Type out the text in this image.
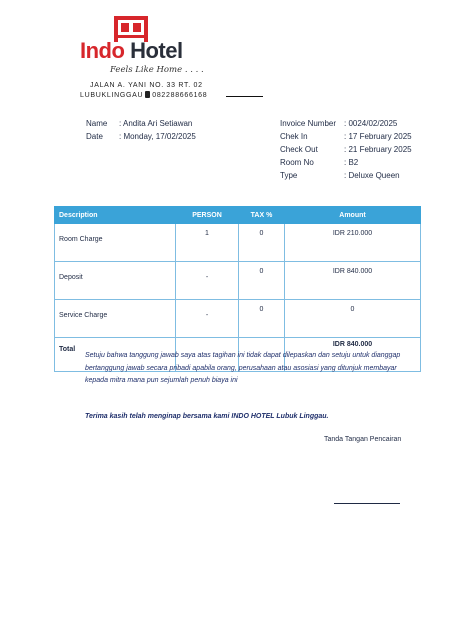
Indo Hotel
Feels Like Home . . . .
JALAN A. YANI NO. 33 RT. 02
LUBUKLINGGAU 082288666168
Name : Andita Ari Setiawan
Date : Monday, 17/02/2025
Invoice Number : 0024/02/2025
Chek In	: 17 February 2025
Check Out	: 21 February 2025
Room No	: B2
Type	: Deluxe Queen
Description	PERSON	TAX %	Amount
Room Charge	1	0	IDR 210.000
Deposit	-	0	IDR 840.000
Service Charge	-	0	0
Total			IDR 840.000
Setuju bahwa tanggung jawab saya atas tagihan ini tidak dapat dilepaskan dan setuju untuk dianggap bertanggung jawab secara pribadi apabila orang, perusahaan atau asosiasi yang ditunjuk membayar kepada mitra mana pun sejumlah penuh biaya ini
Terima kasih telah menginap bersama kami INDO HOTEL Lubuk Linggau.
Tanda Tangan Pencairan
